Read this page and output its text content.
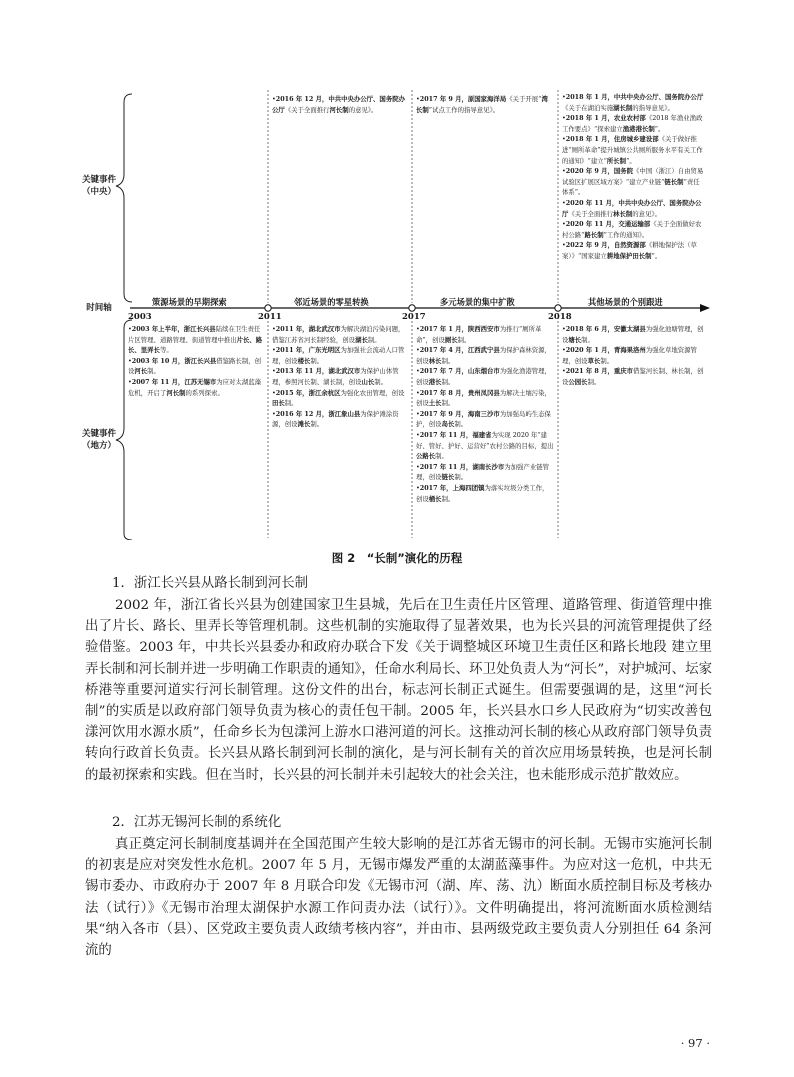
关键事件（中央）
时间轴
关键事件（地方）
策源场景的早期探索	邻近场景的零星转换	多元场景的集中扩散	其他场景的个别跟进
2003	2011	2017	2018

•2016 年 12 月，中共中央办公厅、国务院办公厅《关于全面推行河长制的意见》。

•2017 年 9 月，原国家海洋局《关于开展“湾长制”试点工作的指导意见》。

•2018 年 1 月，中共中央办公厅、国务院办公厅《关于在湖泊实施湖长制的指导意见》。

•2018 年 1 月，农业农村部《2018 年渔业渔政工作要点》“探索建立渔港港长制”。

•2018 年 1 月，住房城乡建设部《关于做好推进“厕所革命”提升城镇公共厕所服务水平有关工作的通知》“建立“所长制”。

•2020 年 9 月，国务院《中国（浙江）自由贸易试验区扩展区域方案》“建立产业链“链长制”责任体系”。

•2020 年 11 月，中共中央办公厅、国务院办公厅《关于全面推行林长制的意见》。

•2020 年 11 月，交通运输部《关于全面做好农村公路“路长制”工作的通知》。

•2022 年 9 月，自然资源部《耕地保护法（草案）》“国家建立耕地保护田长制”。

•2003 年上半年，浙江长兴县陆续在卫生责任片区管理、道路管理、街道管理中推出片长、路长、里弄长等。

•2003 年 10 月，浙江长兴县借鉴路长制，创设河长制。

•2007 年 11 月，江苏无锡市为应对太湖蓝藻危机，开启了河长制的系列探索。

•2011 年，湖北武汉市为解决湖泊污染问题，借鉴江苏省河长制经验，创设湖长制。

•2011 年，广东光明区为加强社会流动人口管理，创设楼长制。

•2013 年 11 月，湖北武汉市为保护山体管理，参照河长制、湖长制，创设山长制。

•2015 年，浙江余杭区为强化农田管理，创设田长制。

•2016 年 12 月，浙江象山县为保护滩涂资源，创设滩长制。

•2017 年 1 月，陕西西安市为推行“厕所革命”，创设厕长制。

•2017 年 4 月，江西武宁县为保护森林资源，创设林长制。

•2017 年 7 月，山东烟台市为强化渔港管理，创设港长制。

•2017 年 8 月，贵州凤冈县为解决土壤污染，创设土长制。

•2017 年 9 月，海南三沙市为加强岛屿生态保护，创设岛长制。

•2017 年 11 月，福建省为实现 2020 年“建好、管好、护好、运营好”农村公路的目标，提出公路长制。

•2017 年 11 月，湖南长沙市为加强产业链管理，创设链长制。

•2017 年，上海四团镇为落实垃圾分类工作，创设桶长制。

•2018 年 6 月，安徽太湖县为强化池塘管理，创设塘长制。

•2020 年 1 月，青海果洛州为强化草地资源管理，创设草长制。

•2021 年 8 月，重庆市借鉴河长制、林长制，创设公园长制。

图 2　“长制”演化的历程
1．浙江长兴县从路长制到河长制
2002 年，浙江省长兴县为创建国家卫生县城，先后在卫生责任片区管理、道路管理、街道管理中推出了片长、路长、里弄长等管理机制。这些机制的实施取得了显著效果，也为长兴县的河流管理提供了经验借鉴。2003 年，中共长兴县委办和政府办联合下发《关于调整城区环境卫生责任区和路长地段 建立里弄长制和河长制并进一步明确工作职责的通知》，任命水利局长、环卫处负责人为“河长”，对护城河、坛家桥港等重要河道实行河长制管理。这份文件的出台，标志河长制正式诞生。但需要强调的是，这里“河长制”的实质是以政府部门领导负责为核心的责任包干制。2005 年，长兴县水口乡人民政府为“切实改善包漾河饮用水源水质”，任命乡长为包漾河上游水口港河道的河长。这推动河长制的核心从政府部门领导负责转向行政首长负责。长兴县从路长制到河长制的演化，是与河长制有关的首次应用场景转换，也是河长制的最初探索和实践。但在当时，长兴县的河长制并未引起较大的社会关注，也未能形成示范扩散效应。
2．江苏无锡河长制的系统化
真正奠定河长制制度基调并在全国范围产生较大影响的是江苏省无锡市的河长制。无锡市实施河长制的初衷是应对突发性水危机。2007 年 5 月，无锡市爆发严重的太湖蓝藻事件。为应对这一危机，中共无锡市委办、市政府办于 2007 年 8 月联合印发《无锡市河（湖、库、荡、氿）断面水质控制目标及考核办法（试行）》《无锡市治理太湖保护水源工作问责办法（试行）》。文件明确提出，将河流断面水质检测结果“纳入各市（县）、区党政主要负责人政绩考核内容”，并由市、县两级党政主要负责人分别担任 64 条河流的
· 97 ·
